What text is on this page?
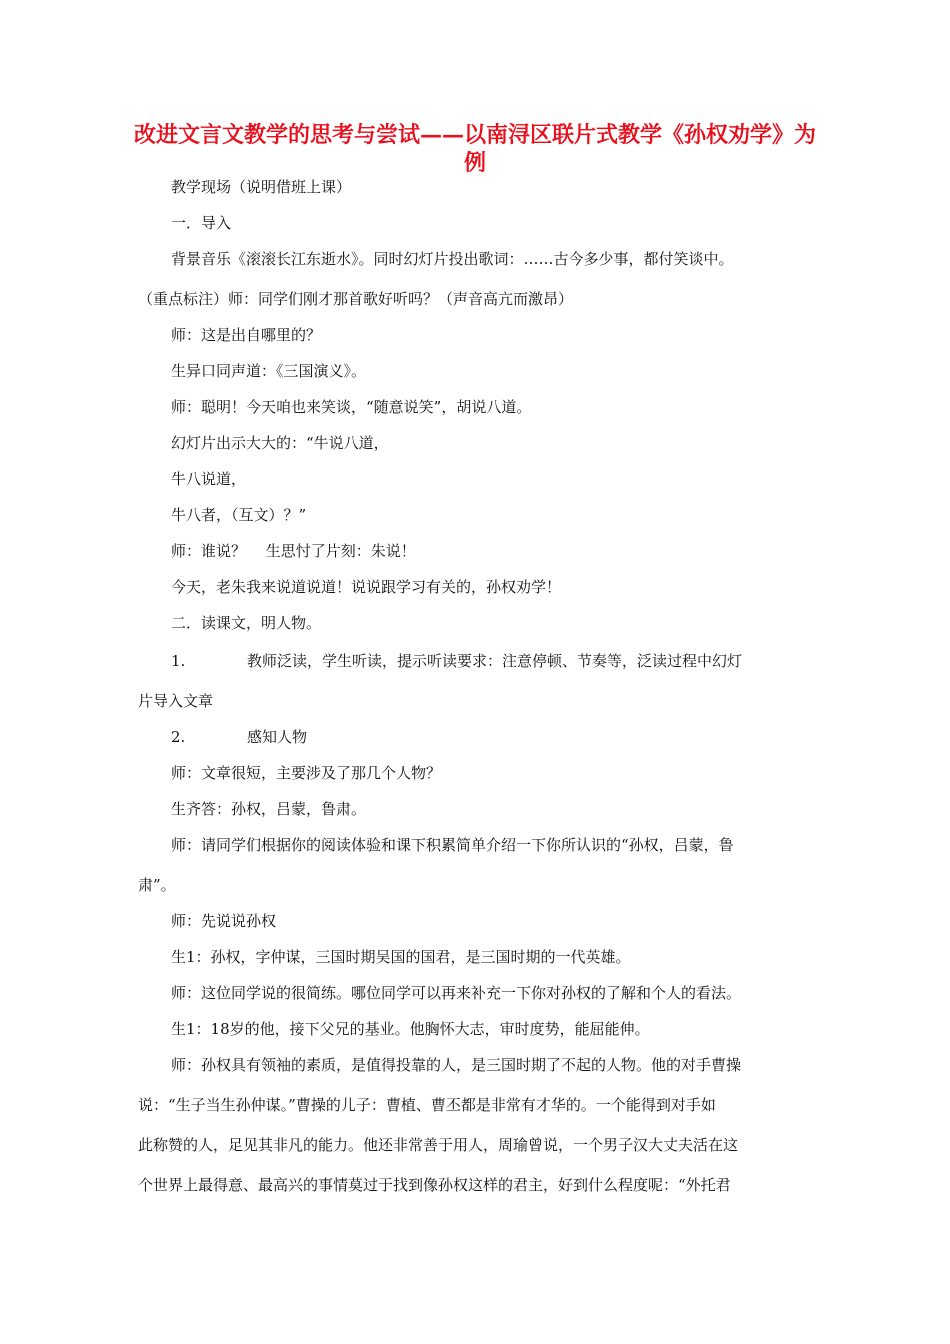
改进文言文教学的思考与尝试——以南浔区联片式教学《孙权劝学》为例
教学现场（说明借班上课）
一．导入
背景音乐《滚滚长江东逝水》。同时幻灯片投出歌词：……古今多少事，都付笑谈中。
（重点标注）师：同学们刚才那首歌好听吗？（声音高亢而激昂）
师：这是出自哪里的？
生异口同声道：《三国演义》。
师：聪明！今天咱也来笑谈，“随意说笑”，胡说八道。
幻灯片出示大大的：“牛说八道，
牛八说道，
牛八者，（互文）？”
师：谁说？　 生思忖了片刻：朱说！
今天，老朱我来说道说道！说说跟学习有关的，孙权劝学！
二．读课文，明人物。
1.	教师泛读，学生听读，提示听读要求：注意停顿、节奏等，泛读过程中幻灯
片导入文章
2.	感知人物
师：文章很短，主要涉及了那几个人物？
生齐答：孙权，吕蒙，鲁肃。
师：请同学们根据你的阅读体验和课下积累简单介绍一下你所认识的“孙权，吕蒙，鲁
肃”。
师：先说说孙权
生1：孙权，字仲谋，三国时期吴国的国君，是三国时期的一代英雄。
师：这位同学说的很简练。哪位同学可以再来补充一下你对孙权的了解和个人的看法。
生1：18岁的他，接下父兄的基业。他胸怀大志，审时度势，能屈能伸。
师：孙权具有领袖的素质，是值得投靠的人，是三国时期了不起的人物。他的对手曹操
说：“生子当生孙仲谋。”曹操的儿子：曹植、曹丕都是非常有才华的。一个能得到对手如
此称赞的人，足见其非凡的能力。他还非常善于用人，周瑜曾说，一个男子汉大丈夫活在这
个世界上最得意、最高兴的事情莫过于找到像孙权这样的君主，好到什么程度呢：“外托君
